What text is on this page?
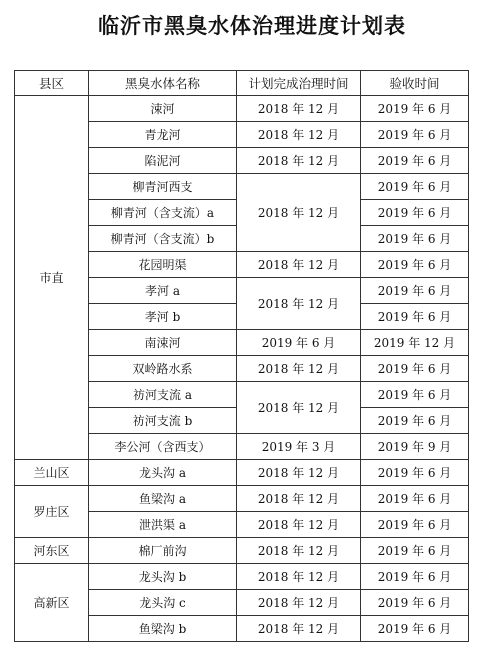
临沂市黑臭水体治理进度计划表
县区	黑臭水体名称	计划完成治理时间	验收时间
市直	涑河	2018 年 12 月	2019 年 6 月
	青龙河	2018 年 12 月	2019 年 6 月
	陷泥河	2018 年 12 月	2019 年 6 月
	柳青河西支	2018 年 12 月	2019 年 6 月
	柳青河（含支流）a		2019 年 6 月
	柳青河（含支流）b		2019 年 6 月
	花园明渠	2018 年 12 月	2019 年 6 月
	孝河 a	2018 年 12 月	2019 年 6 月
	孝河 b		2019 年 6 月
	南涑河	2019 年 6 月	2019 年 12 月
	双岭路水系	2018 年 12 月	2019 年 6 月
	祊河支流 a	2018 年 12 月	2019 年 6 月
	祊河支流 b		2019 年 6 月
	李公河（含西支）	2019 年 3 月	2019 年 9 月
兰山区	龙头沟 a	2018 年 12 月	2019 年 6 月
罗庄区	鱼梁沟 a	2018 年 12 月	2019 年 6 月
	泄洪渠 a	2018 年 12 月	2019 年 6 月
河东区	棉厂前沟	2018 年 12 月	2019 年 6 月
高新区	龙头沟 b	2018 年 12 月	2019 年 6 月
	龙头沟 c	2018 年 12 月	2019 年 6 月
	鱼梁沟 b	2018 年 12 月	2019 年 6 月
